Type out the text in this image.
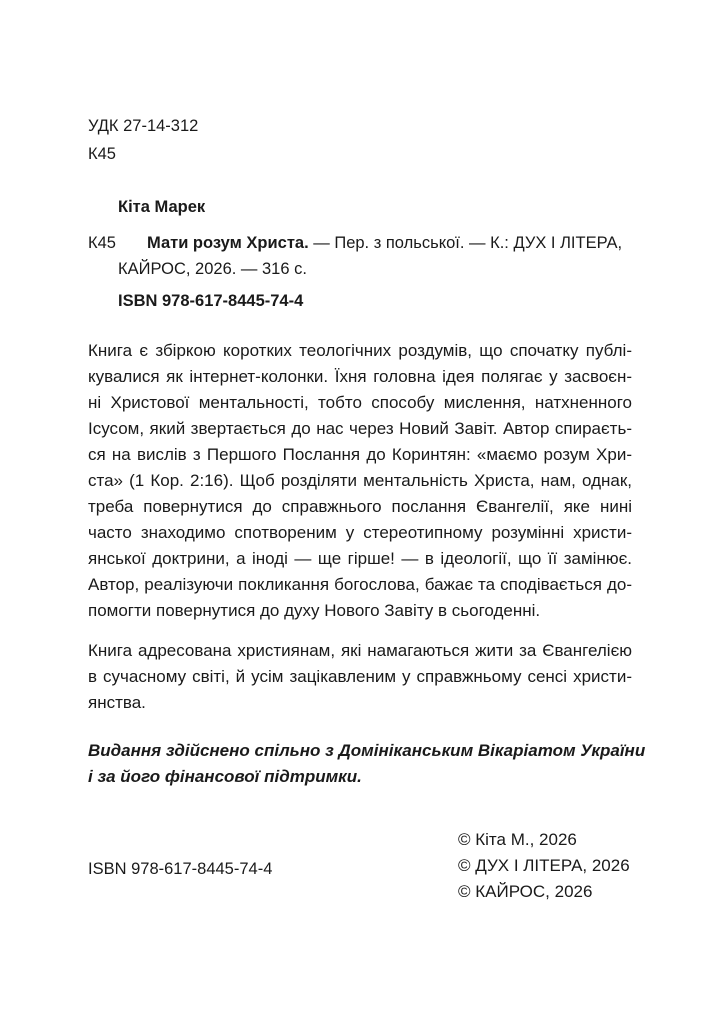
УДК 27-14-312
К45
Кіта Марек
К45 Мати розум Христа. — Пер. з польської. — К.: ДУХ І ЛІТЕРА,
КАЙРОС, 2026. — 316 с.
ISBN 978-617-8445-74-4
Книга є збіркою коротких теологічних роздумів, що спочатку публі-
кувалися як інтернет-колонки. Їхня головна ідея полягає у засвоєн-
ні Христової ментальності, тобто способу мислення, натхненного
Ісусом, який звертається до нас через Новий Завіт. Автор спираєть-
ся на вислів з Першого Послання до Коринтян: «маємо розум Хри-
ста» (1 Кор. 2:16). Щоб розділяти ментальність Христа, нам, однак,
треба повернутися до справжнього послання Євангелії, яке нині
часто знаходимо спотвореним у стереотипному розумінні христи-
янської доктрини, а іноді — ще гірше! — в ідеології, що її замінює.
Автор, реалізуючи покликання богослова, бажає та сподівається до-
помогти повернутися до духу Нового Завіту в сьогоденні.
Книга адресована християнам, які намагаються жити за Євангелією
в сучасному світі, й усім зацікавленим у справжньому сенсі христи-
янства.
Видання здійснено спільно з Домініканським Вікаріатом України
і за його фінансової підтримки.
ISBN 978-617-8445-74-4
© Кіта М., 2026
© ДУХ І ЛІТЕРА, 2026
© КАЙРОС, 2026
